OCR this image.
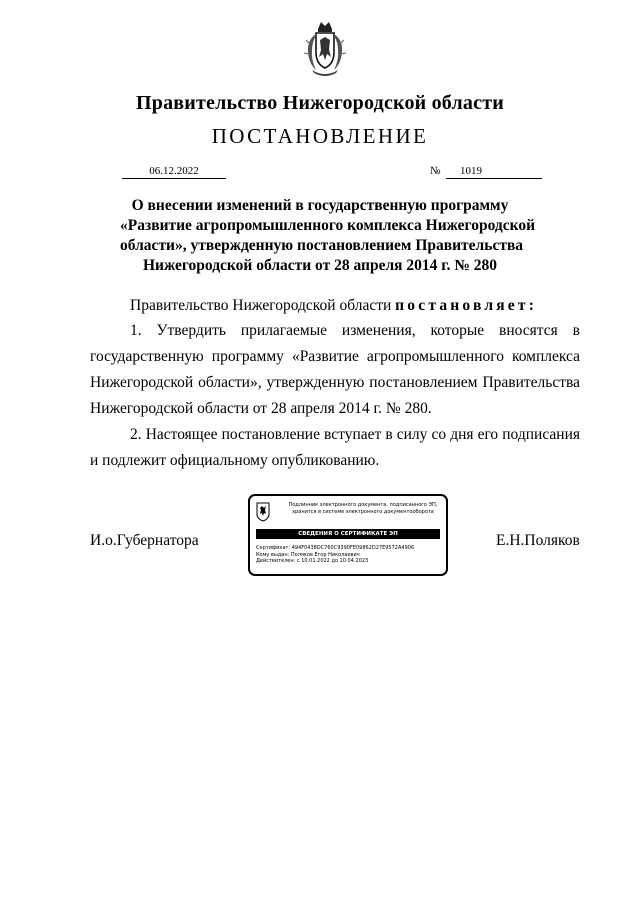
Правительство Нижегородской области
ПОСТАНОВЛЕНИЕ
06.12.2022	№	1019
О внесении изменений в государственную программу
«Развитие агропромышленного комплекса Нижегородской
области», утвержденную постановлением Правительства
Нижегородской области от 28 апреля 2014 г. № 280
Правительство Нижегородской области постановляет:
1. Утвердить прилагаемые изменения, которые вносятся в государственную программу «Развитие агропромышленного комплекса Нижегородской области», утвержденную постановлением Правительства Нижегородской области от 28 апреля 2014 г. № 280.
2. Настоящее постановление вступает в силу со дня его подписания и подлежит официальному опубликованию.
И.о.Губернатора	Е.Н.Поляков
Подлинник электронного документа, подписанного ЭП,
хранится в системе электронного документооборота
СВЕДЕНИЯ О СЕРТИФИКАТЕ ЭП
Сертификат: 494F0438DC760C9390FE09862D27E9572A4906
Кому выдан: Поляков Егор Николаевич
Действителен: с 10.01.2022 до 10.04.2023
